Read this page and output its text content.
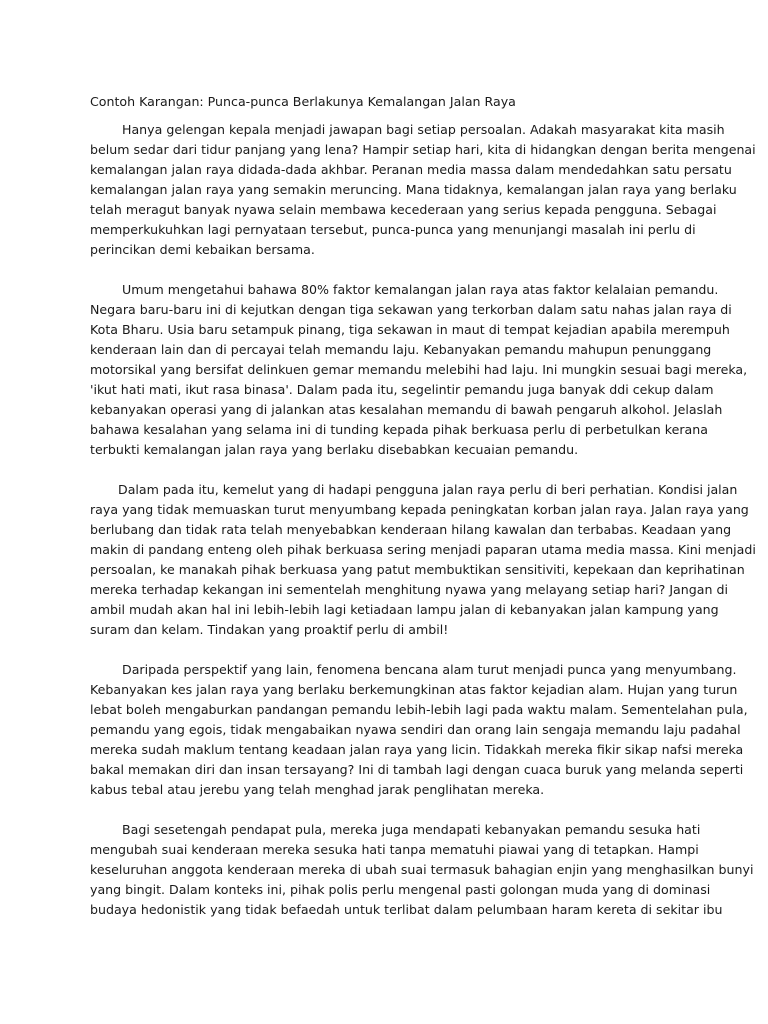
Contoh Karangan: Punca-punca Berlakunya Kemalangan Jalan Raya
Hanya gelengan kepala menjadi jawapan bagi setiap persoalan. Adakah masyarakat kita masih
belum sedar dari tidur panjang yang lena? Hampir setiap hari, kita di hidangkan dengan berita mengenai
kemalangan jalan raya didada-dada akhbar. Peranan media massa dalam mendedahkan satu persatu
kemalangan jalan raya yang semakin meruncing. Mana tidaknya, kemalangan jalan raya yang berlaku
telah meragut banyak nyawa selain membawa kecederaan yang serius kepada pengguna. Sebagai
memperkukuhkan lagi pernyataan tersebut, punca-punca yang menunjangi masalah ini perlu di
perincikan demi kebaikan bersama.
Umum mengetahui bahawa 80% faktor kemalangan jalan raya atas faktor kelalaian pemandu.
Negara baru-baru ini di kejutkan dengan tiga sekawan yang terkorban dalam satu nahas jalan raya di
Kota Bharu. Usia baru setampuk pinang, tiga sekawan in maut di tempat kejadian apabila merempuh
kenderaan lain dan di percayai telah memandu laju. Kebanyakan pemandu mahupun penunggang
motorsikal yang bersifat delinkuen gemar memandu melebihi had laju. Ini mungkin sesuai bagi mereka,
'ikut hati mati, ikut rasa binasa'. Dalam pada itu, segelintir pemandu juga banyak ddi cekup dalam
kebanyakan operasi yang di jalankan atas kesalahan memandu di bawah pengaruh alkohol. Jelaslah
bahawa kesalahan yang selama ini di tunding kepada pihak berkuasa perlu di perbetulkan kerana
terbukti kemalangan jalan raya yang berlaku disebabkan kecuaian pemandu.
Dalam pada itu, kemelut yang di hadapi pengguna jalan raya perlu di beri perhatian. Kondisi jalan
raya yang tidak memuaskan turut menyumbang kepada peningkatan korban jalan raya. Jalan raya yang
berlubang dan tidak rata telah menyebabkan kenderaan hilang kawalan dan terbabas. Keadaan yang
makin di pandang enteng oleh pihak berkuasa sering menjadi paparan utama media massa. Kini menjadi
persoalan, ke manakah pihak berkuasa yang patut membuktikan sensitiviti, kepekaan dan keprihatinan
mereka terhadap kekangan ini sementelah menghitung nyawa yang melayang setiap hari? Jangan di
ambil mudah akan hal ini lebih-lebih lagi ketiadaan lampu jalan di kebanyakan jalan kampung yang
suram dan kelam. Tindakan yang proaktif perlu di ambil!
Daripada perspektif yang lain, fenomena bencana alam turut menjadi punca yang menyumbang.
Kebanyakan kes jalan raya yang berlaku berkemungkinan atas faktor kejadian alam. Hujan yang turun
lebat boleh mengaburkan pandangan pemandu lebih-lebih lagi pada waktu malam. Sementelahan pula,
pemandu yang egois, tidak mengabaikan nyawa sendiri dan orang lain sengaja memandu laju padahal
mereka sudah maklum tentang keadaan jalan raya yang licin. Tidakkah mereka fikir sikap nafsi mereka
bakal memakan diri dan insan tersayang? Ini di tambah lagi dengan cuaca buruk yang melanda seperti
kabus tebal atau jerebu yang telah menghad jarak penglihatan mereka.
Bagi sesetengah pendapat pula, mereka juga mendapati kebanyakan pemandu sesuka hati
mengubah suai kenderaan mereka sesuka hati tanpa mematuhi piawai yang di tetapkan. Hampi
keseluruhan anggota kenderaan mereka di ubah suai termasuk bahagian enjin yang menghasilkan bunyi
yang bingit. Dalam konteks ini, pihak polis perlu mengenal pasti golongan muda yang di dominasi
budaya hedonistik yang tidak befaedah untuk terlibat dalam pelumbaan haram kereta di sekitar ibu
